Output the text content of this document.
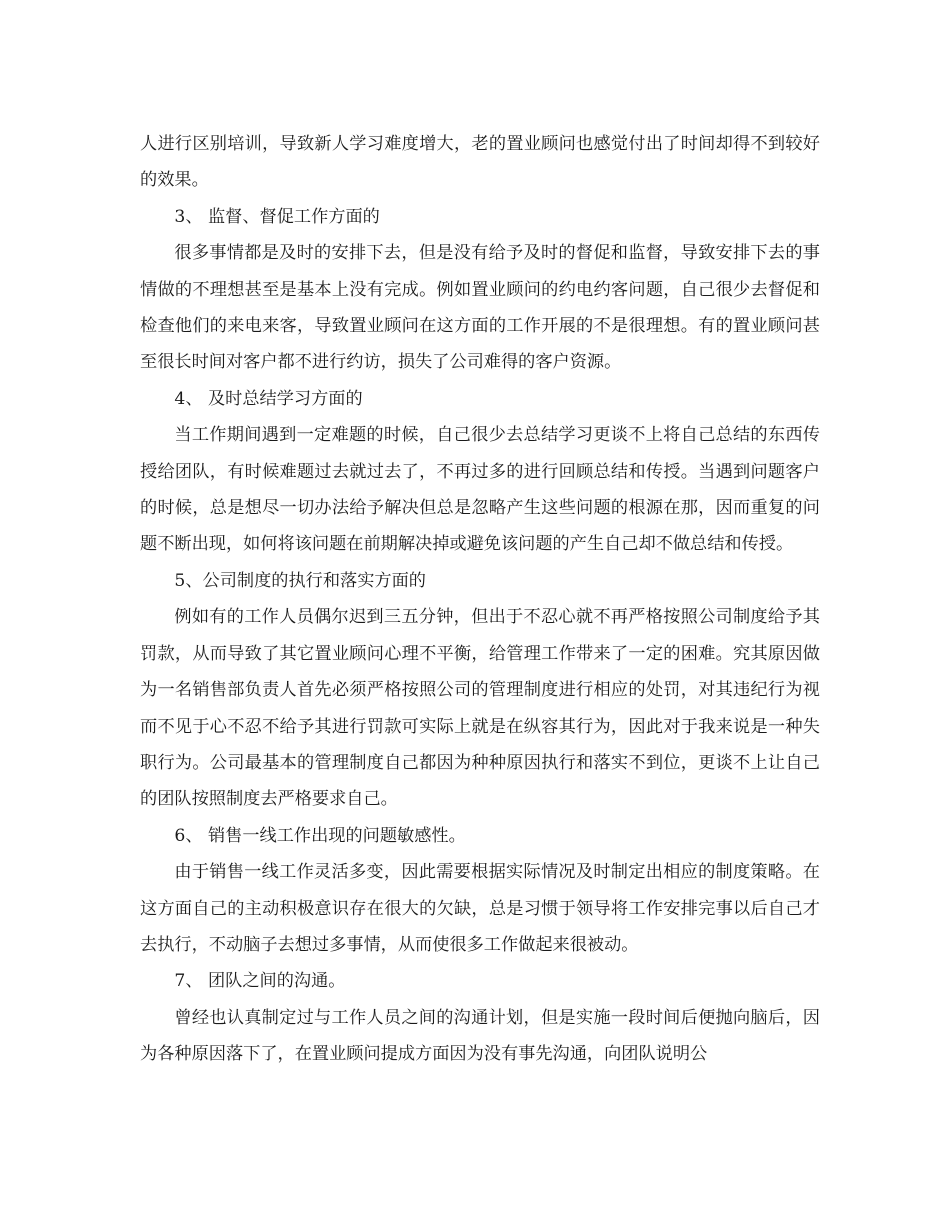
人进行区别培训，导致新人学习难度增大，老的置业顾问也感觉付出了时间却得不到较好的效果。

3、 监督、督促工作方面的

很多事情都是及时的安排下去，但是没有给予及时的督促和监督，导致安排下去的事情做的不理想甚至是基本上没有完成。例如置业顾问的约电约客问题，自己很少去督促和检查他们的来电来客，导致置业顾问在这方面的工作开展的不是很理想。有的置业顾问甚至很长时间对客户都不进行约访，损失了公司难得的客户资源。

4、 及时总结学习方面的

当工作期间遇到一定难题的时候，自己很少去总结学习更谈不上将自己总结的东西传授给团队，有时候难题过去就过去了，不再过多的进行回顾总结和传授。当遇到问题客户的时候，总是想尽一切办法给予解决但总是忽略产生这些问题的根源在那，因而重复的问题不断出现，如何将该问题在前期解决掉或避免该问题的产生自己却不做总结和传授。

5、公司制度的执行和落实方面的

例如有的工作人员偶尔迟到三五分钟，但出于不忍心就不再严格按照公司制度给予其罚款，从而导致了其它置业顾问心理不平衡，给管理工作带来了一定的困难。究其原因做为一名销售部负责人首先必须严格按照公司的管理制度进行相应的处罚，对其违纪行为视而不见于心不忍不给予其进行罚款可实际上就是在纵容其行为，因此对于我来说是一种失职行为。公司最基本的管理制度自己都因为种种原因执行和落实不到位，更谈不上让自己的团队按照制度去严格要求自己。

6、 销售一线工作出现的问题敏感性。

由于销售一线工作灵活多变，因此需要根据实际情况及时制定出相应的制度策略。在这方面自己的主动积极意识存在很大的欠缺，总是习惯于领导将工作安排完事以后自己才去执行，不动脑子去想过多事情，从而使很多工作做起来很被动。

7、 团队之间的沟通。

曾经也认真制定过与工作人员之间的沟通计划，但是实施一段时间后便抛向脑后，因为各种原因落下了，在置业顾问提成方面因为没有事先沟通，向团队说明公
